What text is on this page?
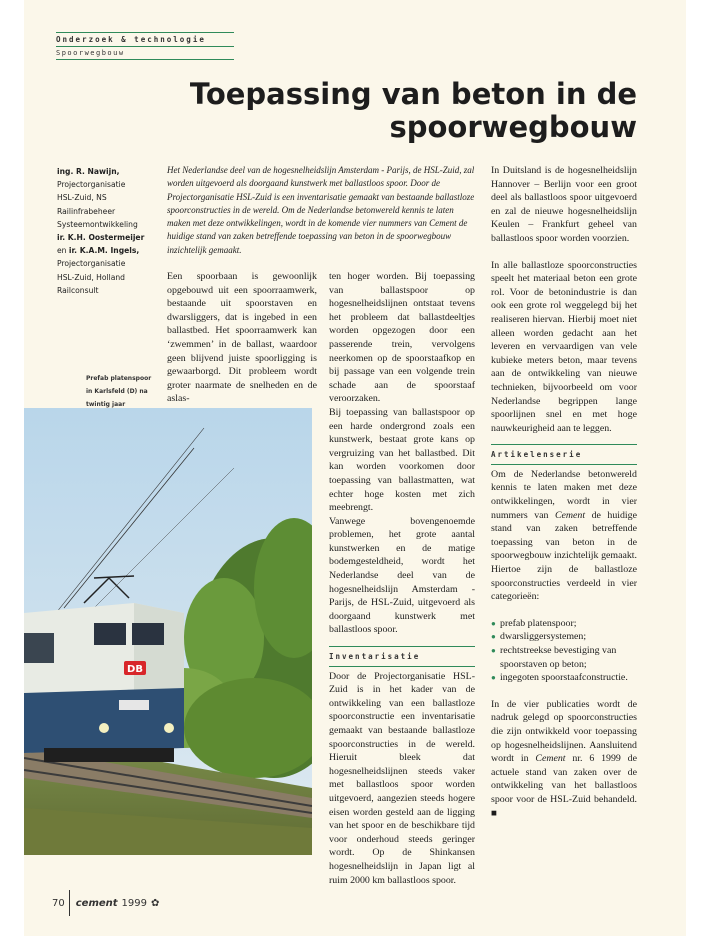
Onderzoek & technologie
Spoorwegbouw
Toepassing van beton in de
spoorwegbouw
ing. R. Nawijn,
Projectorganisatie
HSL-Zuid, NS
Railinfrabeheer
Systeemontwikkeling
ir. K.H. Oostermeijer
en ir. K.A.M. Ingels,
Projectorganisatie
HSL-Zuid, Holland
Railconsult
Prefab platenspoor
in Karlsfeld (D) na
twintig jaar
Het Nederlandse deel van de hogesnelheidslijn Amsterdam - Parijs, de HSL-Zuid, zal worden uitgevoerd als doorgaand kunstwerk met ballastloos spoor. Door de Projectorganisatie HSL-Zuid is een inventarisatie gemaakt van bestaande ballastloze spoorconstructies in de wereld. Om de Nederlandse betonwereld kennis te laten maken met deze ontwikkelingen, wordt in de komende vier nummers van Cement de huidige stand van zaken betreffende toepassing van beton in de spoorwegbouw inzichtelijk gemaakt.

Een spoorbaan is gewoonlijk opgebouwd uit een spoorraamwerk, bestaande uit spoorstaven en dwarsliggers, dat is ingebed in een ballastbed. Het spoorraamwerk kan ‘zwemmen’ in de ballast, waardoor geen blijvend juiste spoorligging is gewaarborgd. Dit probleem wordt groter naarmate de snelheden en de aslas-

ten hoger worden. Bij toepassing van ballastspoor op hogesnelheidslijnen ontstaat tevens het probleem dat ballastdeeltjes worden opgezogen door een passerende trein, vervolgens neerkomen op de spoorstaafkop en bij passage van een volgende trein schade aan de spoorstaaf veroorzaken.

Bij toepassing van ballastspoor op een harde ondergrond zoals een kunstwerk, bestaat grote kans op vergruizing van het ballastbed. Dit kan worden voorkomen door toepassing van ballastmatten, wat echter hoge kosten met zich meebrengt.

Vanwege bovengenoemde problemen, het grote aantal kunstwerken en de matige bodemgesteldheid, wordt het Nederlandse deel van de hogesnelheidslijn Amsterdam - Parijs, de HSL-Zuid, uitgevoerd als doorgaand kunstwerk met ballastloos spoor.

Inventarisatie

Door de Projectorganisatie HSL-Zuid is in het kader van de ontwikkeling van een ballastloze spoorconstructie een inventarisatie gemaakt van bestaande ballastloze spoorconstructies in de wereld. Hieruit bleek dat hogesnelheidslijnen steeds vaker met ballastloos spoor worden uitgevoerd, aangezien steeds hogere eisen worden gesteld aan de ligging van het spoor en de beschikbare tijd voor onderhoud steeds geringer wordt. Op de Shinkansen hogesnelheidslijn in Japan ligt al ruim 2000 km ballastloos spoor.

In Duitsland is de hogesnelheidslijn Hannover – Berlijn voor een groot deel als ballastloos spoor uitgevoerd en zal de nieuwe hogesnelheidslijn Keulen – Frankfurt geheel van ballastloos spoor worden voorzien.

In alle ballastloze spoorconstructies speelt het materiaal beton een grote rol. Voor de betonindustrie is dan ook een grote rol weggelegd bij het realiseren hiervan. Hierbij moet niet alleen worden gedacht aan het leveren en vervaardigen van vele kubieke meters beton, maar tevens aan de ontwikkeling van nieuwe technieken, bijvoorbeeld om voor Nederlandse begrippen lange spoorlijnen snel en met hoge nauwkeurigheid aan te leggen.

Artikelenserie

Om de Nederlandse betonwereld kennis te laten maken met deze ontwikkelingen, wordt in vier nummers van Cement de huidige stand van zaken betreffende toepassing van beton in de spoorwegbouw inzichtelijk gemaakt. Hiertoe zijn de ballastloze spoorconstructies verdeeld in vier categorieën:

● prefab platenspoor;
● dwarsliggersystemen;
● rechtstreekse bevestiging van spoorstaven op beton;
● ingegoten spoorstaafconstructie.

In de vier publicaties wordt de nadruk gelegd op spoorconstructies die zijn ontwikkeld voor toepassing op hogesnelheidslijnen. Aansluitend wordt in Cement nr. 6 1999 de actuele stand van zaken over de ontwikkeling van het ballastloos spoor voor de HSL-Zuid behandeld. ■

DB
70 cement 1999 ✿
